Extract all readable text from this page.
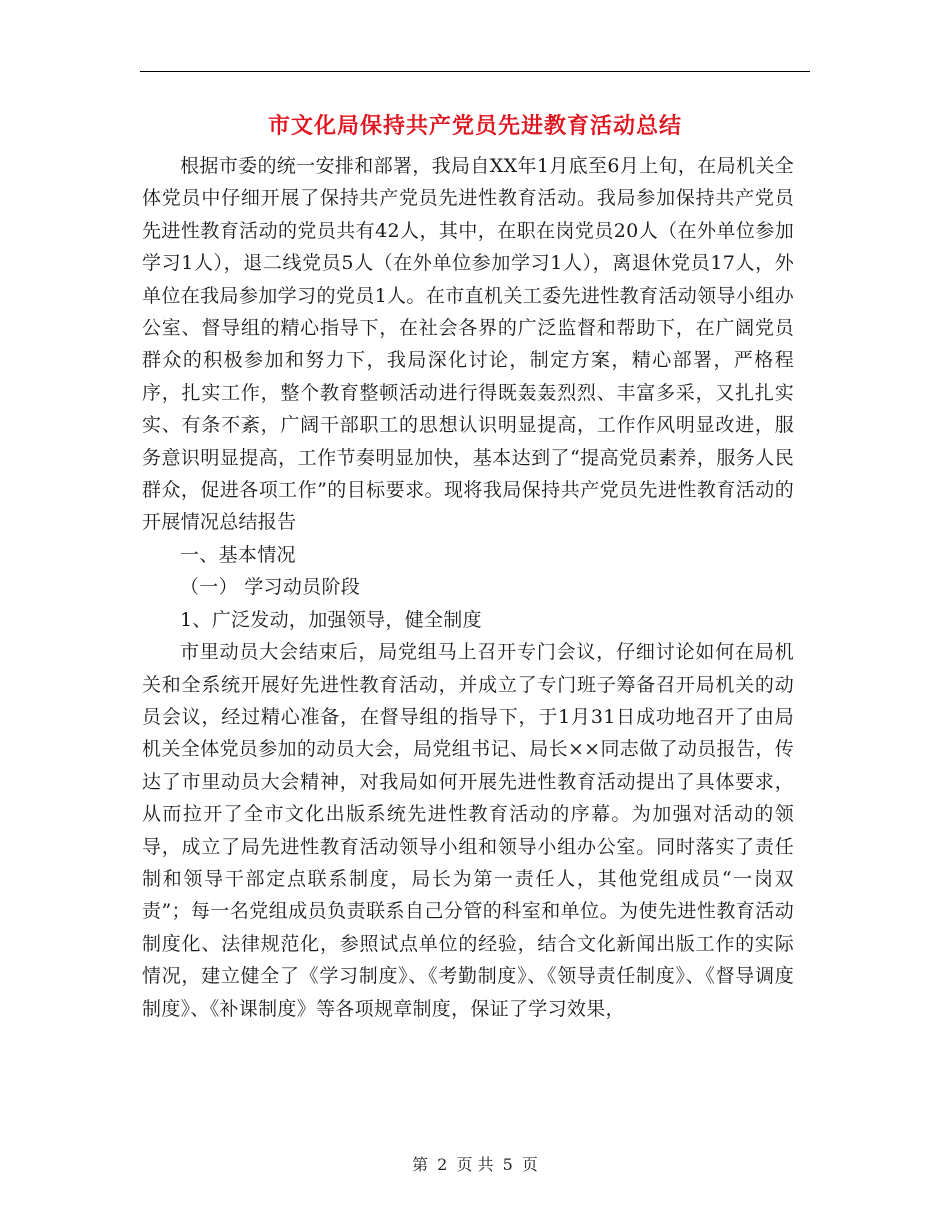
市文化局保持共产党员先进教育活动总结

根据市委的统一安排和部署，我局自XX年1月底至6月上旬，在局机关全体党员中仔细开展了保持共产党员先进性教育活动。我局参加保持共产党员先进性教育活动的党员共有42人，其中，在职在岗党员20人（在外单位参加学习1人），退二线党员5人（在外单位参加学习1人），离退休党员17人，外单位在我局参加学习的党员1人。在市直机关工委先进性教育活动领导小组办公室、督导组的精心指导下，在社会各界的广泛监督和帮助下，在广阔党员群众的积极参加和努力下，我局深化讨论，制定方案，精心部署，严格程序，扎实工作，整个教育整顿活动进行得既轰轰烈烈、丰富多采，又扎扎实实、有条不紊，广阔干部职工的思想认识明显提高，工作作风明显改进，服务意识明显提高，工作节奏明显加快，基本达到了“提高党员素养，服务人民群众，促进各项工作”的目标要求。现将我局保持共产党员先进性教育活动的开展情况总结报告

一、基本情况

（一） 学习动员阶段

1、广泛发动，加强领导，健全制度

市里动员大会结束后，局党组马上召开专门会议，仔细讨论如何在局机关和全系统开展好先进性教育活动，并成立了专门班子筹备召开局机关的动员会议，经过精心准备，在督导组的指导下，于1月31日成功地召开了由局机关全体党员参加的动员大会，局党组书记、局长××同志做了动员报告，传达了市里动员大会精神，对我局如何开展先进性教育活动提出了具体要求，从而拉开了全市文化出版系统先进性教育活动的序幕。为加强对活动的领导，成立了局先进性教育活动领导小组和领导小组办公室。同时落实了责任制和领导干部定点联系制度，局长为第一责任人，其他党组成员“一岗双责”；每一名党组成员负责联系自己分管的科室和单位。为使先进性教育活动制度化、法律规范化，参照试点单位的经验，结合文化新闻出版工作的实际情况，建立健全了《学习制度》、《考勤制度》、《领导责任制度》、《督导调度制度》、《补课制度》等各项规章制度，保证了学习效果，

第 2 页 共 5 页
